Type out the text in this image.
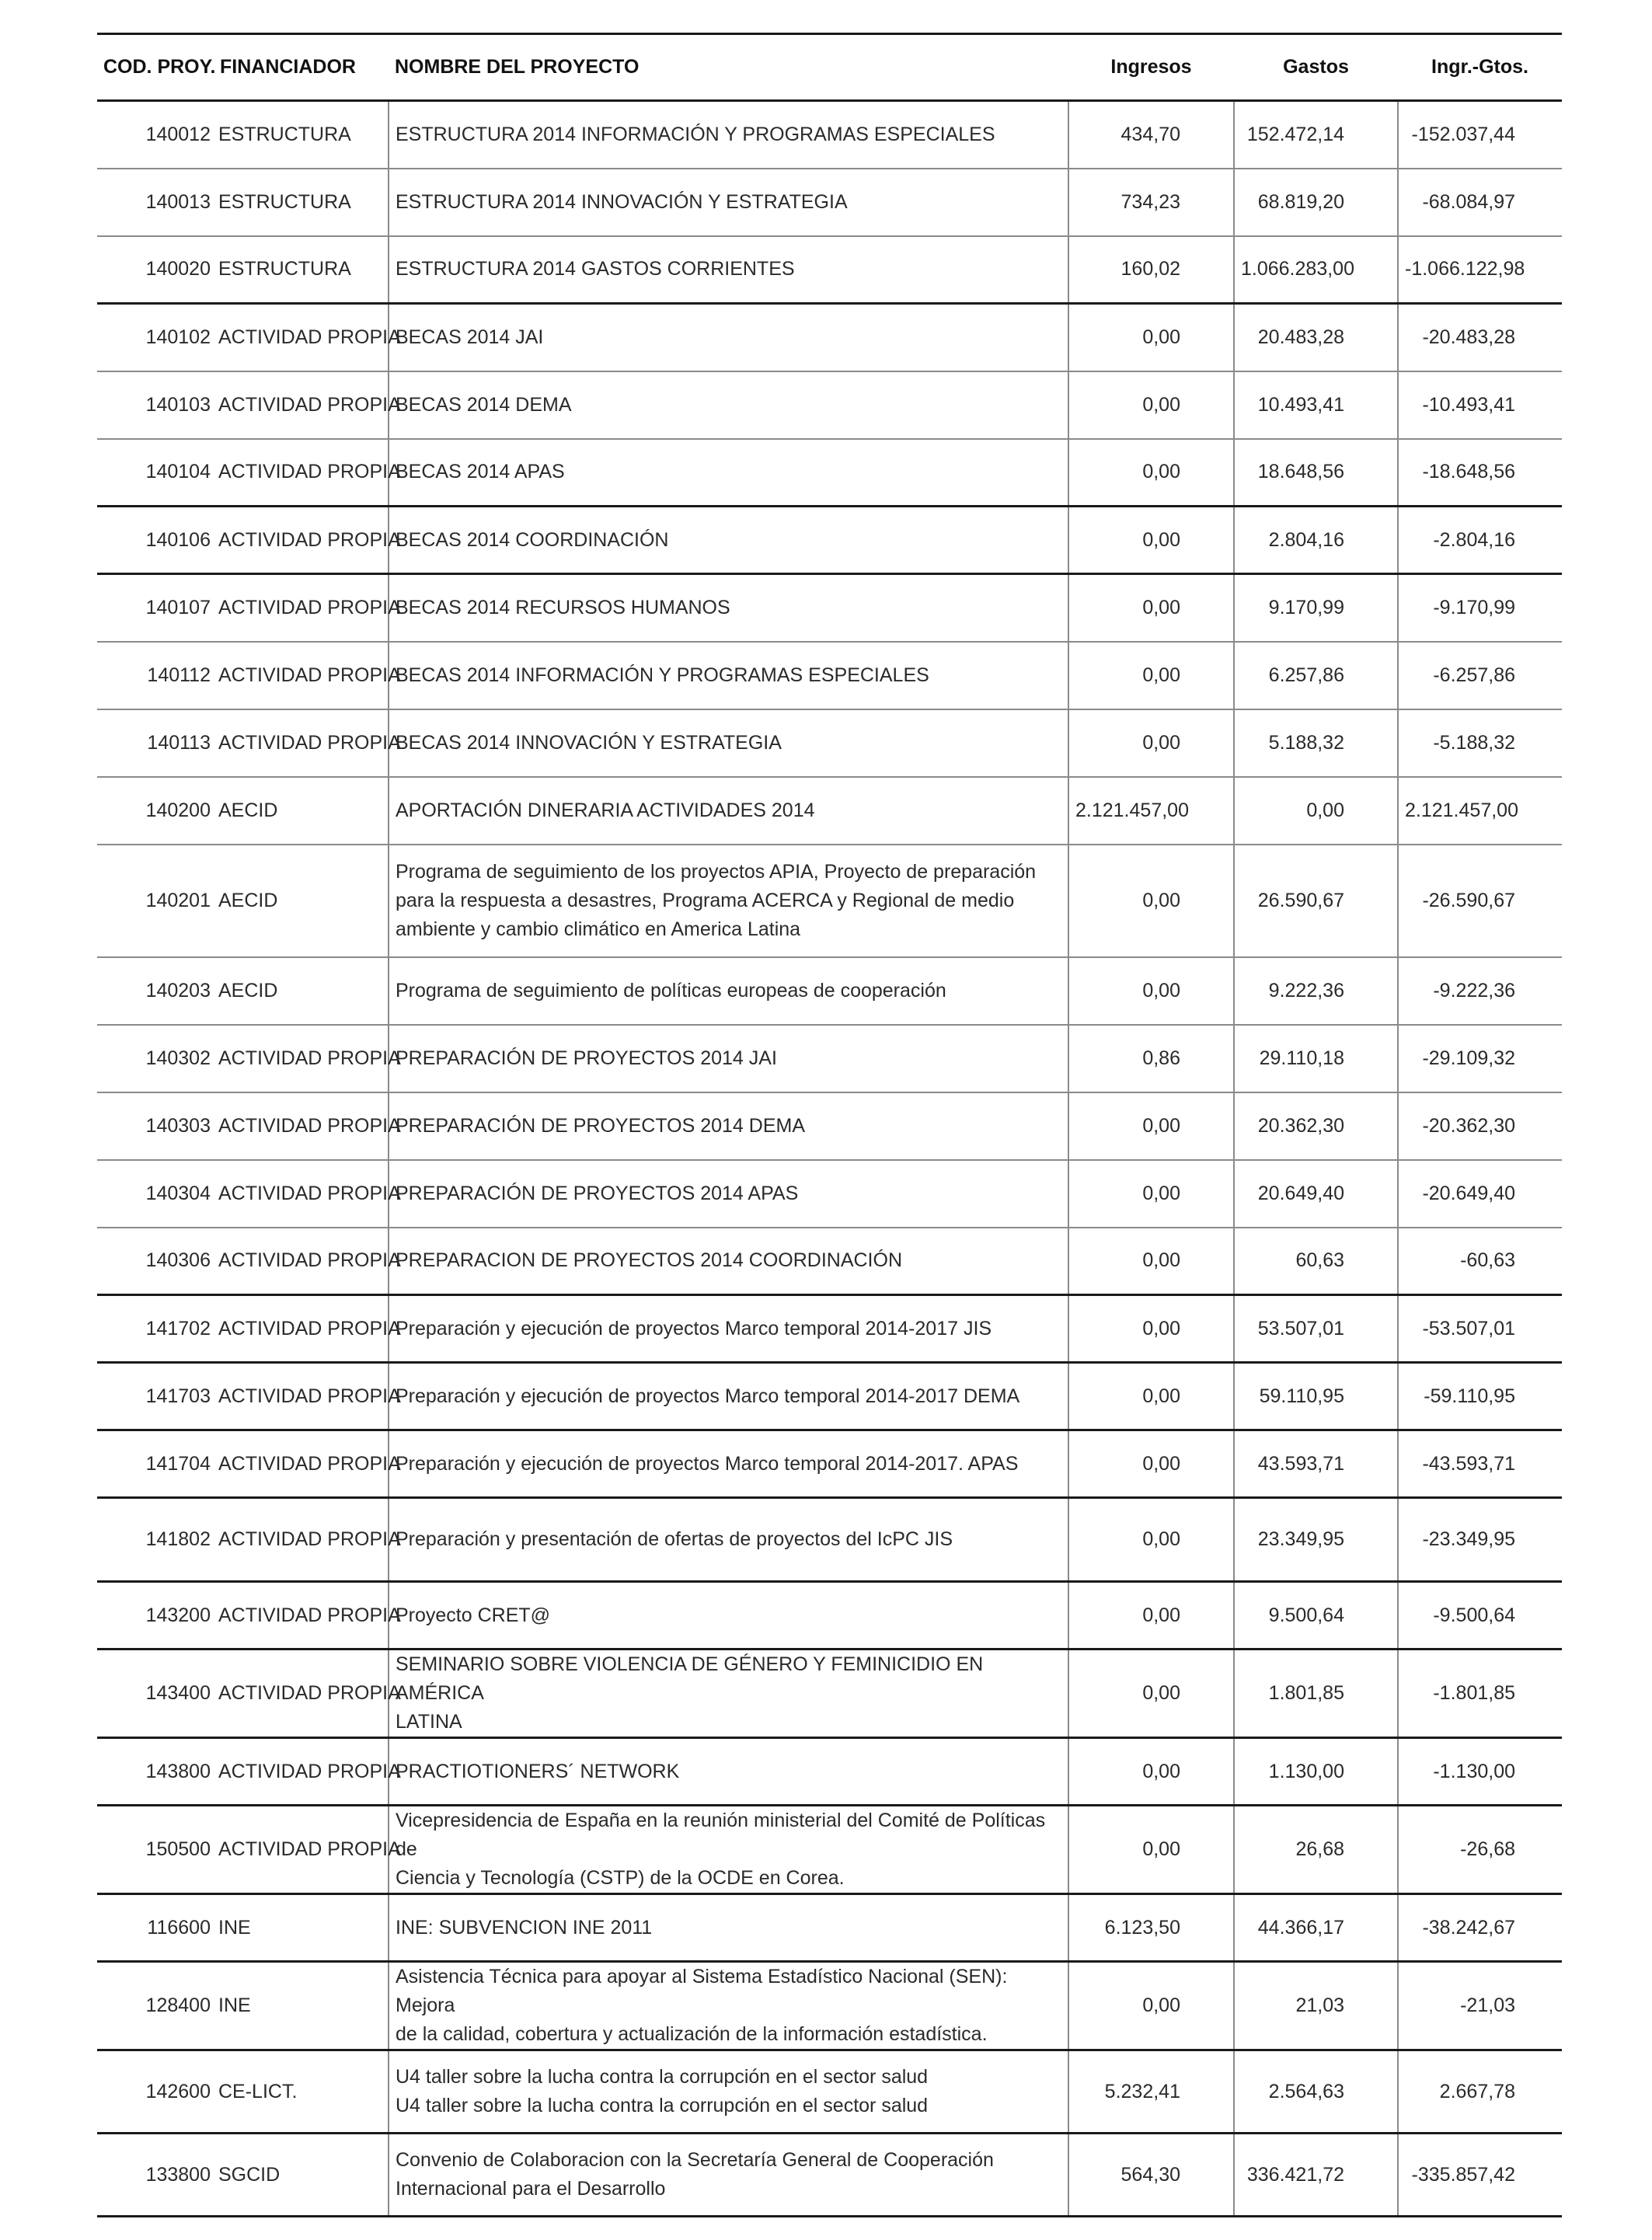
COD. PROY.	FINANCIADOR	NOMBRE DEL PROYECTO	Ingresos	Gastos	Ingr.-Gtos.
140012	ESTRUCTURA	ESTRUCTURA 2014 INFORMACIÓN Y PROGRAMAS ESPECIALES	434,70	152.472,14	-152.037,44
140013	ESTRUCTURA	ESTRUCTURA 2014 INNOVACIÓN Y ESTRATEGIA	734,23	68.819,20	-68.084,97
140020	ESTRUCTURA	ESTRUCTURA 2014 GASTOS CORRIENTES	160,02	1.066.283,00	-1.066.122,98
140102	ACTIVIDAD PROPIA	BECAS 2014 JAI	0,00	20.483,28	-20.483,28
140103	ACTIVIDAD PROPIA	BECAS 2014 DEMA	0,00	10.493,41	-10.493,41
140104	ACTIVIDAD PROPIA	BECAS 2014 APAS	0,00	18.648,56	-18.648,56
140106	ACTIVIDAD PROPIA	BECAS 2014 COORDINACIÓN	0,00	2.804,16	-2.804,16
140107	ACTIVIDAD PROPIA	BECAS 2014 RECURSOS HUMANOS	0,00	9.170,99	-9.170,99
140112	ACTIVIDAD PROPIA	BECAS 2014 INFORMACIÓN Y PROGRAMAS ESPECIALES	0,00	6.257,86	-6.257,86
140113	ACTIVIDAD PROPIA	BECAS 2014 INNOVACIÓN Y ESTRATEGIA	0,00	5.188,32	-5.188,32
140200	AECID	APORTACIÓN DINERARIA ACTIVIDADES 2014	2.121.457,00	0,00	2.121.457,00
140201	AECID	Programa de seguimiento de los proyectos APIA, Proyecto de preparación
para la respuesta a desastres, Programa ACERCA y Regional de medio
ambiente y cambio climático en America Latina	0,00	26.590,67	-26.590,67
140203	AECID	Programa de seguimiento de políticas europeas de cooperación	0,00	9.222,36	-9.222,36
140302	ACTIVIDAD PROPIA	PREPARACIÓN DE PROYECTOS 2014 JAI	0,86	29.110,18	-29.109,32
140303	ACTIVIDAD PROPIA	PREPARACIÓN DE PROYECTOS 2014 DEMA	0,00	20.362,30	-20.362,30
140304	ACTIVIDAD PROPIA	PREPARACIÓN DE PROYECTOS 2014 APAS	0,00	20.649,40	-20.649,40
140306	ACTIVIDAD PROPIA	PREPARACION DE PROYECTOS 2014 COORDINACIÓN	0,00	60,63	-60,63
141702	ACTIVIDAD PROPIA	Preparación y ejecución de proyectos Marco temporal 2014-2017 JIS	0,00	53.507,01	-53.507,01
141703	ACTIVIDAD PROPIA	Preparación y ejecución de proyectos Marco temporal 2014-2017 DEMA	0,00	59.110,95	-59.110,95
141704	ACTIVIDAD PROPIA	Preparación y ejecución de proyectos Marco temporal 2014-2017. APAS	0,00	43.593,71	-43.593,71
141802	ACTIVIDAD PROPIA	Preparación y presentación de ofertas de proyectos del IcPC JIS	0,00	23.349,95	-23.349,95
143200	ACTIVIDAD PROPIA	Proyecto CRET@	0,00	9.500,64	-9.500,64
143400	ACTIVIDAD PROPIA	SEMINARIO SOBRE VIOLENCIA DE GÉNERO Y FEMINICIDIO EN AMÉRICA
LATINA	0,00	1.801,85	-1.801,85
143800	ACTIVIDAD PROPIA	PRACTIOTIONERS´ NETWORK	0,00	1.130,00	-1.130,00
150500	ACTIVIDAD PROPIA	Vicepresidencia de España en la reunión ministerial del Comité de Políticas de
Ciencia y Tecnología (CSTP) de la OCDE en Corea.	0,00	26,68	-26,68
116600	INE	INE: SUBVENCION INE 2011	6.123,50	44.366,17	-38.242,67
128400	INE	Asistencia Técnica para apoyar al Sistema Estadístico Nacional (SEN): Mejora
de la calidad, cobertura y actualización de la información estadística.	0,00	21,03	-21,03
142600	CE-LICT.	U4 taller sobre la lucha contra la corrupción en el sector salud
U4 taller sobre la lucha contra la corrupción en el sector salud	5.232,41	2.564,63	2.667,78
133800	SGCID	Convenio de Colaboracion con la Secretaría General de Cooperación
Internacional para el Desarrollo	564,30	336.421,72	-335.857,42
